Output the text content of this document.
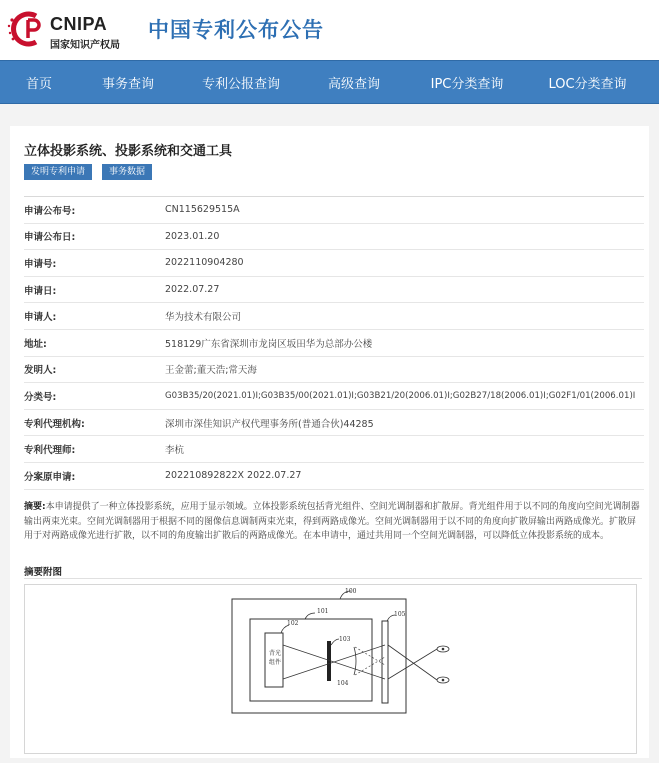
CNIPA
国家知识产权局
中国专利公布公告
首页	事务查询	专利公报查询	高级查询	IPC分类查询	LOC分类查询
立体投影系统、投影系统和交通工具
发明专利申请	事务数据
申请公布号:	CN115629515A
申请公布日:	2023.01.20
申请号:	2022110904280
申请日:	2022.07.27
申请人:	华为技术有限公司
地址:	518129广东省深圳市龙岗区坂田华为总部办公楼
发明人:	王金蕾;董天浩;常天海
分类号:	G03B35/20(2021.01)I;G03B35/00(2021.01)I;G03B21/20(2006.01)I;G02B27/18(2006.01)I;G02F1/01(2006.01)I
专利代理机构:	深圳市深佳知识产权代理事务所(普通合伙)44285
专利代理师:	李杭
分案原申请:	202210892822X 2022.07.27
摘要:本申请提供了一种立体投影系统，应用于显示领域。立体投影系统包括背光组件、空间光调制器和扩散屏。背光组件用于以不同的角度向空间光调制器输出两束光束。空间光调制器用于根据不同的图像信息调制两束光束，得到两路成像光。空间光调制器用于以不同的角度向扩散屏输出两路成像光。扩散屏用于对两路成像光进行扩散，以不同的角度输出扩散后的两路成像光。在本申请中，通过共用同一个空间光调制器，可以降低立体投影系统的成本。
摘要附图
100
101
背光
组件
102
103
104
105
